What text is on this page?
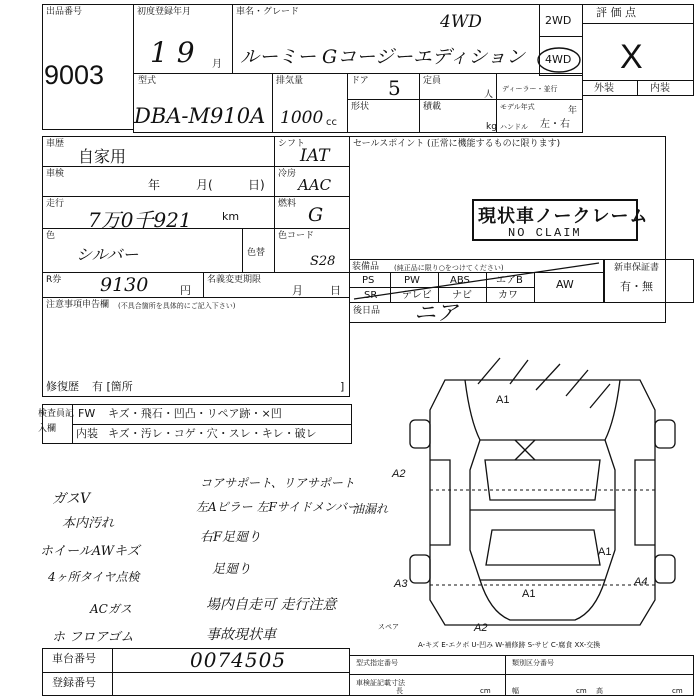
出品番号
9003
初度登録年月
1 9 月
車名・グレード	4WD
ルーミー Gコージーエディション
2WD
4WD
評 価 点
X
外装	内装
型式
DBA-M910A
排気量
1000 cc
ドア 5 定員
人
ディーラー・並行
形状	積載
kg
モデル年式	年
ハンドル 左・右
車歴
自家用
シフト
IAT
車検
年	月(	日)
冷房
AAC
走行
7万0千921	km
燃料 G
色
シルバー	色替
色コード
S28
R券 9130	円
名義変更期限
月 日
セールスポイント (正常に機能するものに限ります)
現状車ノークレーム
NO CLAIM
装備品 (純正品に限り○をつけてください)
PS	PW	ABS	エアB	AW
SR テレビ ナビ	カワ
後日品 ニア
新車保証書
有・無
注意事項申告欄 (不具合箇所を具体的にご記入下さい)
修復歴 有 [箇所	]
検査員記入欄
FW キズ・飛石・凹凸・リペア跡・×凹
内装 キズ・汚レ・コゲ・穴・スレ・キレ・破レ
ガスV
本内汚れ
ホイールAWキズ
4ヶ所タイヤ点検
ACガス
ホ フロアゴム
コアサポート、リアサポート
左Aピラー 左Fサイドメンバー
右F足廻り
足廻り
場内自走可 走行注意
事故現状車
油漏れ
A1
A1
A1
A2
A2
A3	A4
スペア
A-キズ E-エクボ U-凹み W-補修跡 S-サビ C-腐食 XX-交換
車台番号	0074505
登録番号
型式指定番号	類別区分番号
車検証記載寸法
長	cm	幅	cm 高	cm
